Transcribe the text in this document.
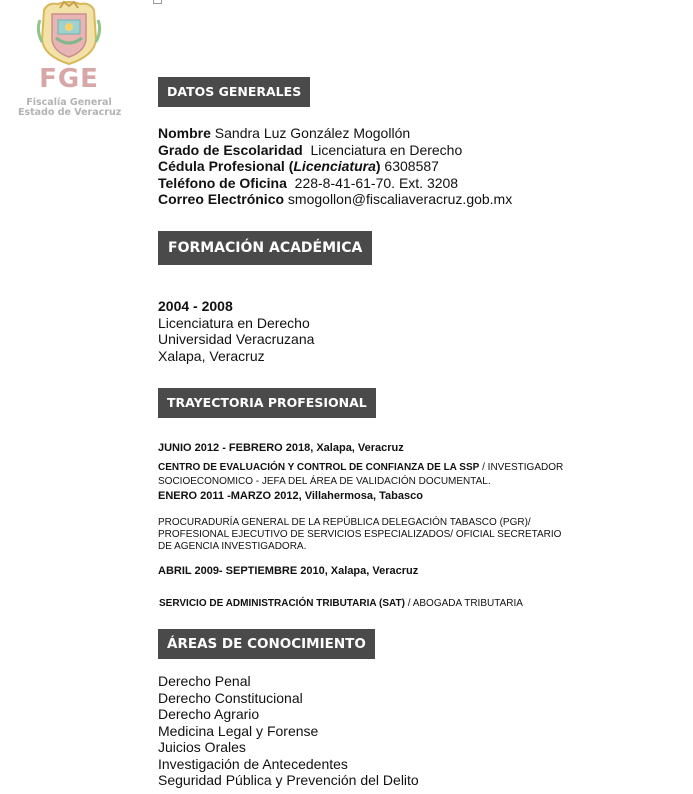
FGE
Fiscalía General
Estado de Veracruz
DATOS GENERALES
Nombre Sandra Luz González Mogollón
Grado de Escolaridad Licenciatura en Derecho
Cédula Profesional (Licenciatura) 6308587
Teléfono de Oficina 228-8-41-61-70. Ext. 3208
Correo Electrónico smogollon@fiscaliaveracruz.gob.mx
FORMACIÓN ACADÉMICA
2004 - 2008
Licenciatura en Derecho
Universidad Veracruzana
Xalapa, Veracruz
TRAYECTORIA PROFESIONAL
JUNIO 2012 - FEBRERO 2018, Xalapa, Veracruz
CENTRO DE EVALUACIÓN Y CONTROL DE CONFIANZA DE LA SSP / INVESTIGADOR
SOCIOECONOMICO - JEFA DEL ÁREA DE VALIDACIÓN DOCUMENTAL.
ENERO 2011 -MARZO 2012, Villahermosa, Tabasco
PROCURADURÍA GENERAL DE LA REPÚBLICA DELEGACIÓN TABASCO (PGR)/
PROFESIONAL EJECUTIVO DE SERVICIOS ESPECIALIZADOS/ OFICIAL SECRETARIO
DE AGENCIA INVESTIGADORA.
ABRIL 2009- SEPTIEMBRE 2010, Xalapa, Veracruz
SERVICIO DE ADMINISTRACIÓN TRIBUTARIA (SAT) / ABOGADA TRIBUTARIA
ÁREAS DE CONOCIMIENTO
Derecho Penal
Derecho Constitucional
Derecho Agrario
Medicina Legal y Forense
Juicios Orales
Investigación de Antecedentes
Seguridad Pública y Prevención del Delito
